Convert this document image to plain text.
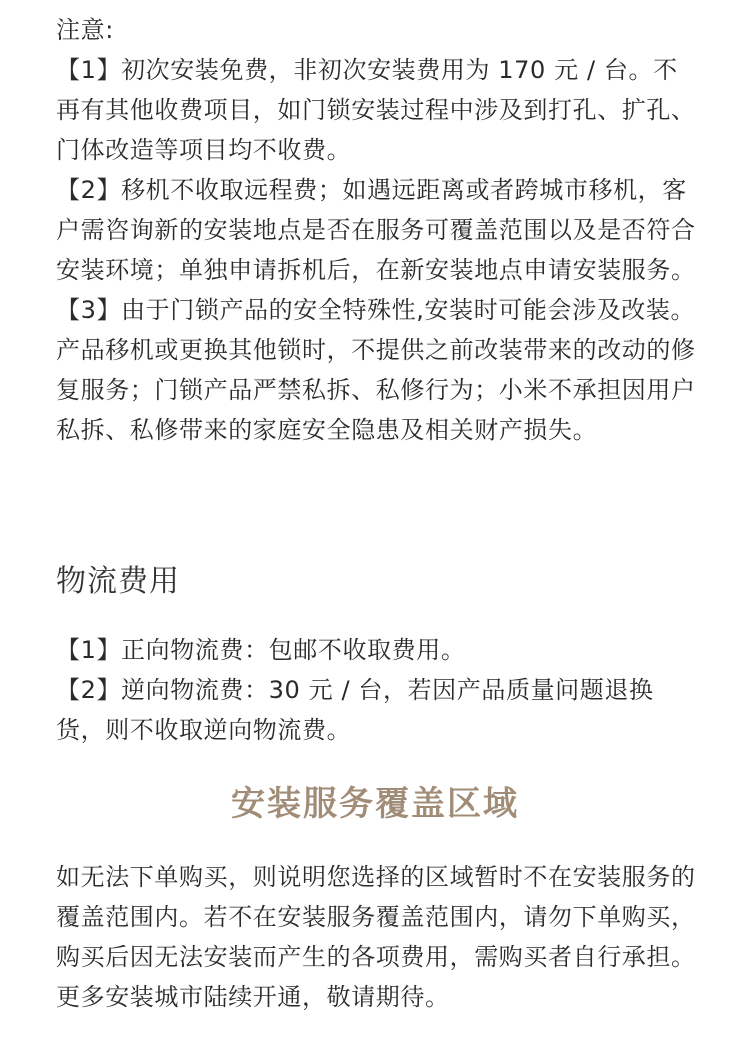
注意:

【1】初次安装免费，非初次安装费用为 170 元 / 台。不再有其他收费项目，如门锁安装过程中涉及到打孔、扩孔、门体改造等项目均不收费。

【2】移机不收取远程费；如遇远距离或者跨城市移机，客户需咨询新的安装地点是否在服务可覆盖范围以及是否符合安装环境；单独申请拆机后，在新安装地点申请安装服务。

【3】由于门锁产品的安全特殊性,安装时可能会涉及改装。产品移机或更换其他锁时，不提供之前改装带来的改动的修复服务；门锁产品严禁私拆、私修行为；小米不承担因用户私拆、私修带来的家庭安全隐患及相关财产损失。

物流费用

【1】正向物流费：包邮不收取费用。

【2】逆向物流费：30 元 / 台，若因产品质量问题退换货，则不收取逆向物流费。

安装服务覆盖区域

如无法下单购买，则说明您选择的区域暂时不在安装服务的覆盖范围内。若不在安装服务覆盖范围内，请勿下单购买，购买后因无法安装而产生的各项费用，需购买者自行承担。更多安装城市陆续开通，敬请期待。
